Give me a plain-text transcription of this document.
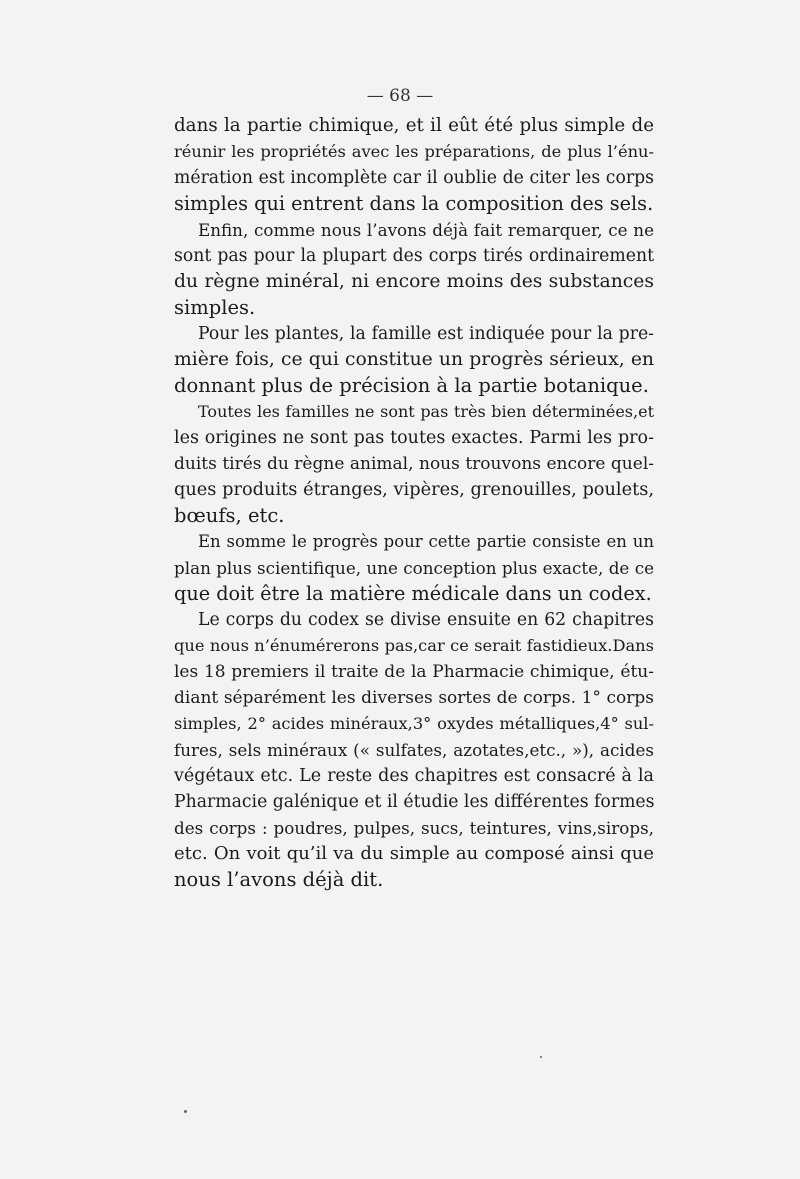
— 68 —
dans la partie chimique, et il eût été plus simple de
réunir les propriétés avec les préparations, de plus l’énu-
mération est incomplète car il oublie de citer les corps
simples qui entrent dans la composition des sels.
Enfin, comme nous l’avons déjà fait remarquer, ce ne
sont pas pour la plupart des corps tirés ordinairement
du règne minéral, ni encore moins des substances
simples.
Pour les plantes, la famille est indiquée pour la pre-
mière fois, ce qui constitue un progrès sérieux, en
donnant plus de précision à la partie botanique.
Toutes les familles ne sont pas très bien déterminées,et
les origines ne sont pas toutes exactes. Parmi les pro-
duits tirés du règne animal, nous trouvons encore quel-
ques produits étranges, vipères, grenouilles, poulets,
bœufs, etc.
En somme le progrès pour cette partie consiste en un
plan plus scientifique, une conception plus exacte, de ce
que doit être la matière médicale dans un codex.
Le corps du codex se divise ensuite en 62 chapitres
que nous n’énumérerons pas,car ce serait fastidieux.Dans
les 18 premiers il traite de la Pharmacie chimique, étu-
diant séparément les diverses sortes de corps. 1° corps
simples, 2° acides minéraux,3° oxydes métalliques,4° sul-
fures, sels minéraux (« sulfates, azotates,etc., »), acides
végétaux etc. Le reste des chapitres est consacré à la
Pharmacie galénique et il étudie les différentes formes
des corps : poudres, pulpes, sucs, teintures, vins,sirops,
etc. On voit qu’il va du simple au composé ainsi que
nous l’avons déjà dit.
